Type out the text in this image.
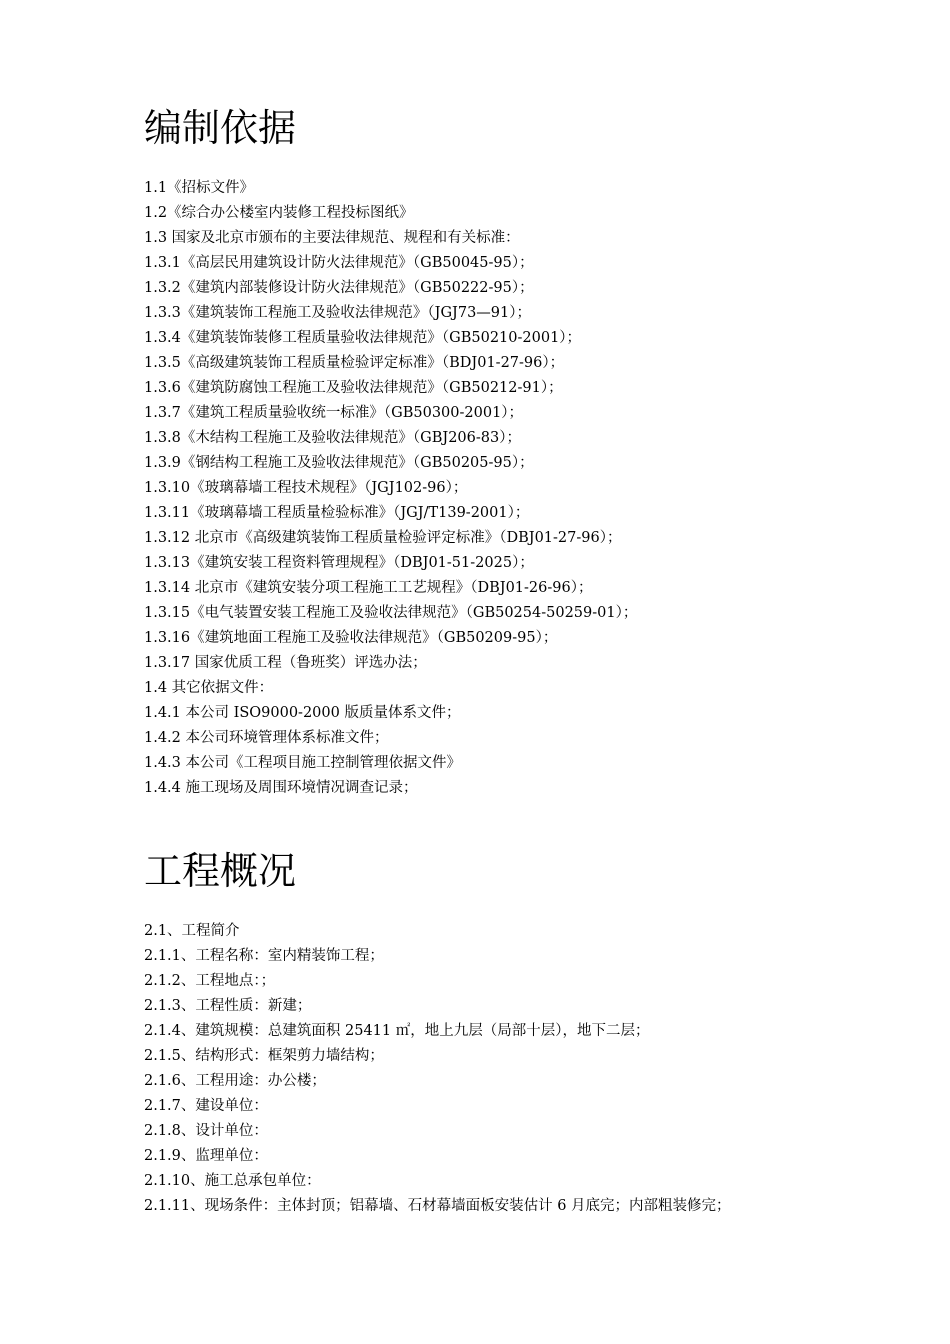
编制依据
1.1《招标文件》
1.2《综合办公楼室内装修工程投标图纸》
1.3 国家及北京市颁布的主要法律规范、规程和有关标准：
1.3.1《高层民用建筑设计防火法律规范》（GB50045-95）；
1.3.2《建筑内部装修设计防火法律规范》（GB50222-95）；
1.3.3《建筑装饰工程施工及验收法律规范》（JGJ73—91）；
1.3.4《建筑装饰装修工程质量验收法律规范》（GB50210-2001）；
1.3.5《高级建筑装饰工程质量检验评定标准》（BDJ01-27-96）；
1.3.6《建筑防腐蚀工程施工及验收法律规范》（GB50212-91）；
1.3.7《建筑工程质量验收统一标准》（GB50300-2001）；
1.3.8《木结构工程施工及验收法律规范》（GBJ206-83）；
1.3.9《钢结构工程施工及验收法律规范》（GB50205-95）；
1.3.10《玻璃幕墙工程技术规程》（JGJ102-96）；
1.3.11《玻璃幕墙工程质量检验标准》（JGJ/T139-2001）；
1.3.12 北京市《高级建筑装饰工程质量检验评定标准》（DBJ01-27-96）；
1.3.13《建筑安装工程资料管理规程》（DBJ01-51-2025）；
1.3.14 北京市《建筑安装分项工程施工工艺规程》（DBJ01-26-96）；
1.3.15《电气装置安装工程施工及验收法律规范》（GB50254-50259-01）；
1.3.16《建筑地面工程施工及验收法律规范》（GB50209-95）；
1.3.17 国家优质工程（鲁班奖）评选办法；
1.4 其它依据文件：
1.4.1 本公司 ISO9000-2000 版质量体系文件；
1.4.2 本公司环境管理体系标准文件；
1.4.3 本公司《工程项目施工控制管理依据文件》
1.4.4 施工现场及周围环境情况调查记录；
工程概况
2.1、工程简介
2.1.1、工程名称：室内精装饰工程；
2.1.2、工程地点：；
2.1.3、工程性质：新建；
2.1.4、建筑规模：总建筑面积 25411 ㎡，地上九层（局部十层），地下二层；
2.1.5、结构形式：框架剪力墙结构；
2.1.6、工程用途：办公楼；
2.1.7、建设单位：
2.1.8、设计单位：
2.1.9、监理单位：
2.1.10、施工总承包单位：
2.1.11、现场条件：主体封顶；铝幕墙、石材幕墙面板安装估计 6 月底完；内部粗装修完；
